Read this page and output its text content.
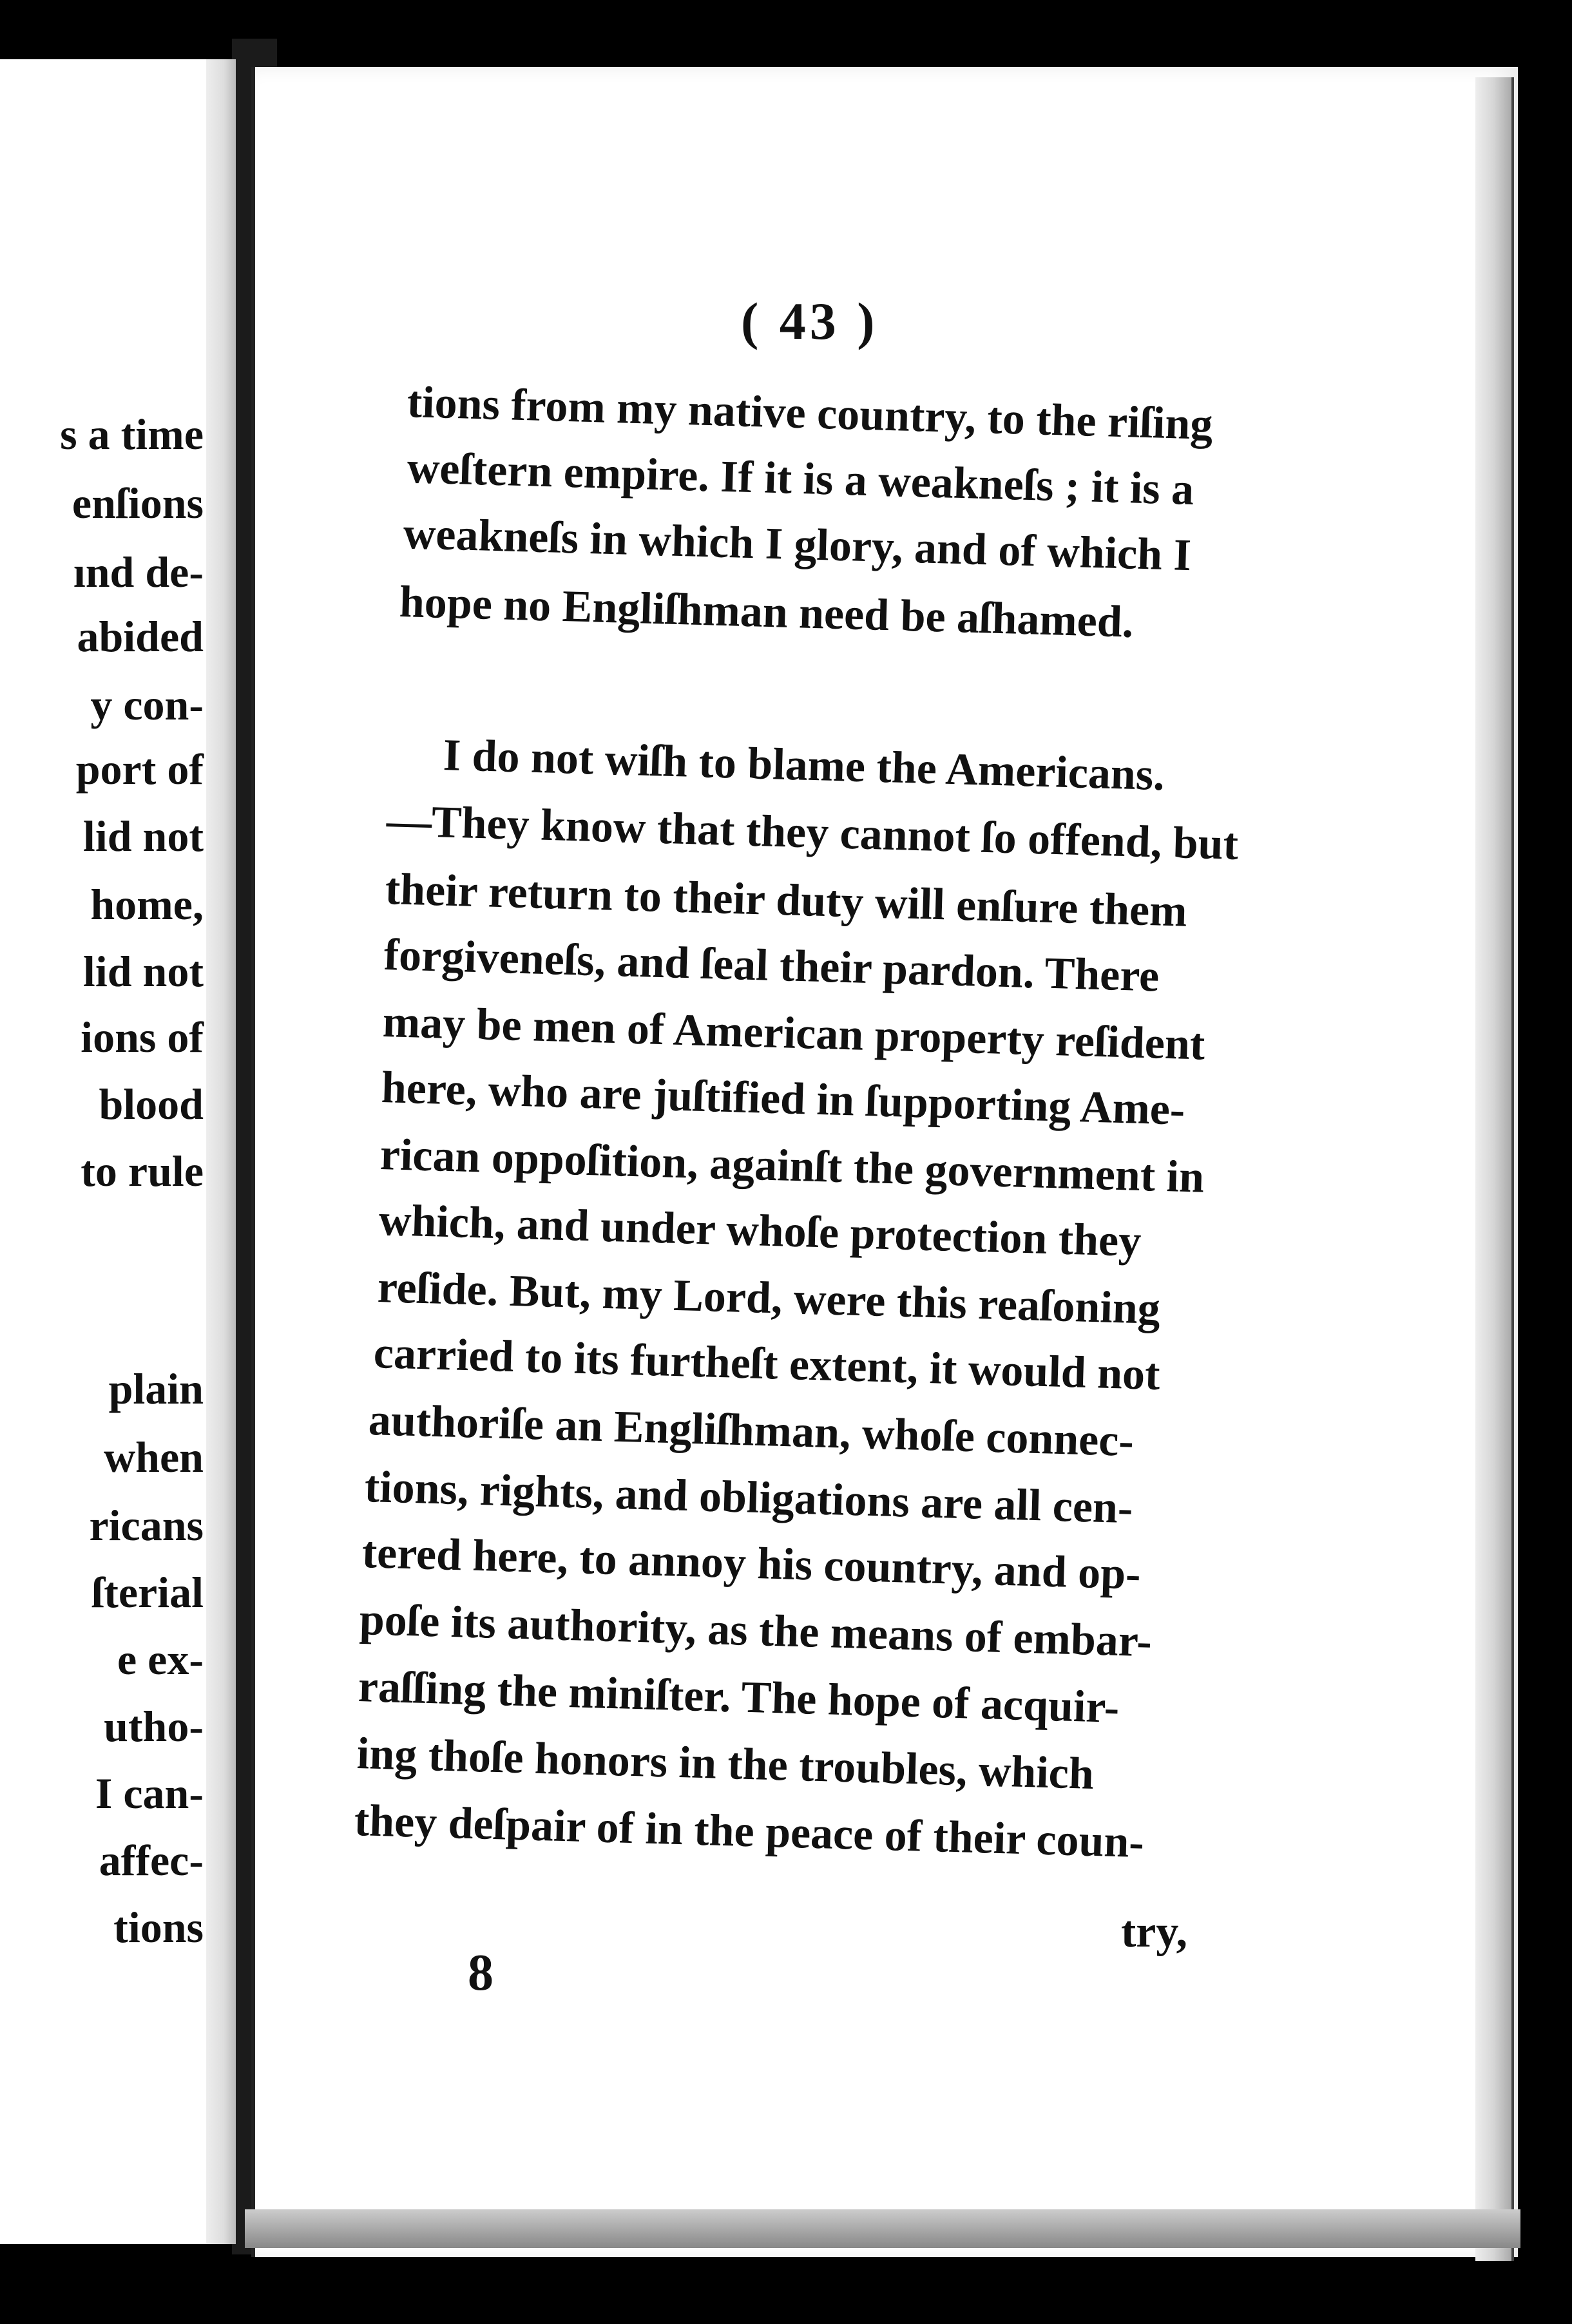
s a time
enſions
ınd de-
abided
y con-
port of
lid not
home,
lid not
ions of
blood
to rule
plain
when
ricans
ſterial
e ex-
utho-
I can-
affec-
tions
( 43 )
tions from my native country, to the riſing
weſtern empire. If it is a weakneſs ; it is a
weakneſs in which I glory, and of which I
hope no Engliſhman need be aſhamed.
I do not wiſh to blame the Americans.
—They know that they cannot ſo offend, but
their return to their duty will enſure them
forgiveneſs, and ſeal their pardon. There
may be men of American property reſident
here, who are juſtified in ſupporting Ame-
rican oppoſition, againſt the government in
which, and under whoſe protection they
reſide. But, my Lord, were this reaſoning
carried to its furtheſt extent, it would not
authoriſe an Engliſhman, whoſe connec-
tions, rights, and obligations are all cen-
tered here, to annoy his country, and op-
poſe its authority, as the means of embar-
raſſing the miniſter. The hope of acquir-
ing thoſe honors in the troubles, which
they deſpair of in the peace of their coun-
try,
8
